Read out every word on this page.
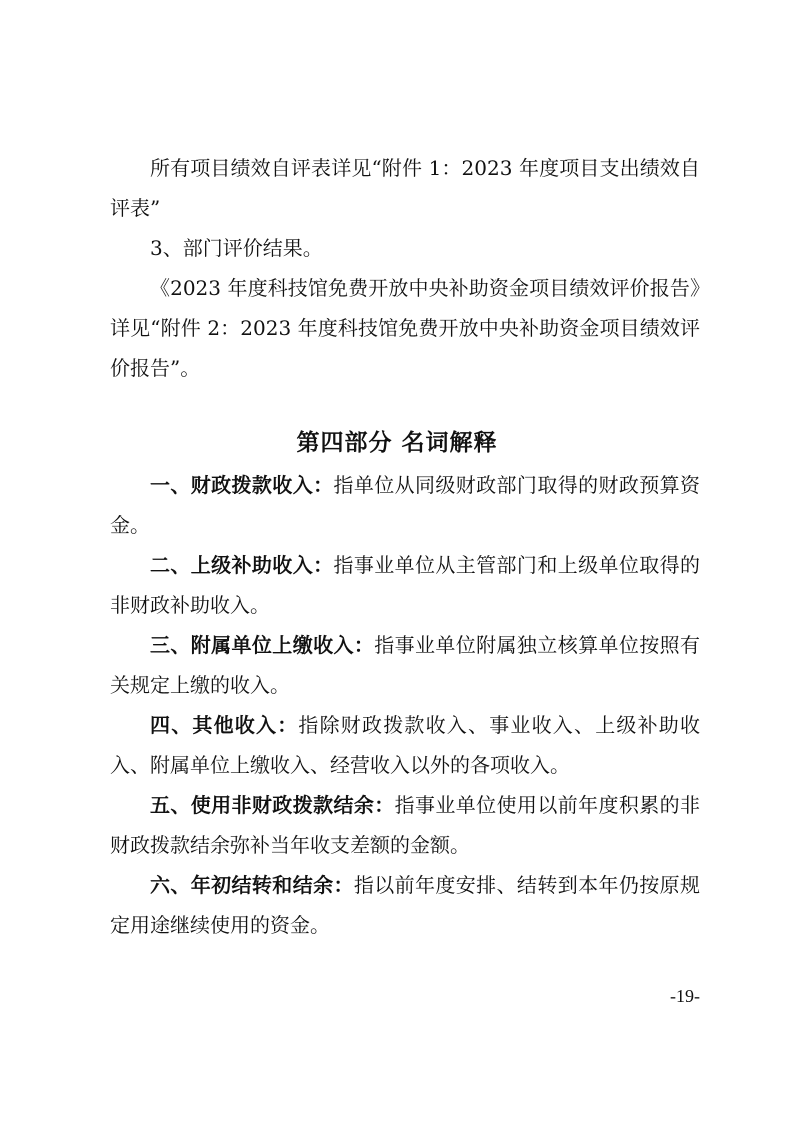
所有项目绩效自评表详见“附件 1：2023 年度项目支出绩效自评表”

3、部门评价结果。

《2023 年度科技馆免费开放中央补助资金项目绩效评价报告》详见“附件 2：2023 年度科技馆免费开放中央补助资金项目绩效评价报告”。

第四部分 名词解释

一、财政拨款收入：指单位从同级财政部门取得的财政预算资金。

二、上级补助收入：指事业单位从主管部门和上级单位取得的非财政补助收入。

三、附属单位上缴收入：指事业单位附属独立核算单位按照有关规定上缴的收入。

四、其他收入：指除财政拨款收入、事业收入、上级补助收入、附属单位上缴收入、经营收入以外的各项收入。

五、使用非财政拨款结余：指事业单位使用以前年度积累的非财政拨款结余弥补当年收支差额的金额。

六、年初结转和结余：指以前年度安排、结转到本年仍按原规定用途继续使用的资金。

-19-
